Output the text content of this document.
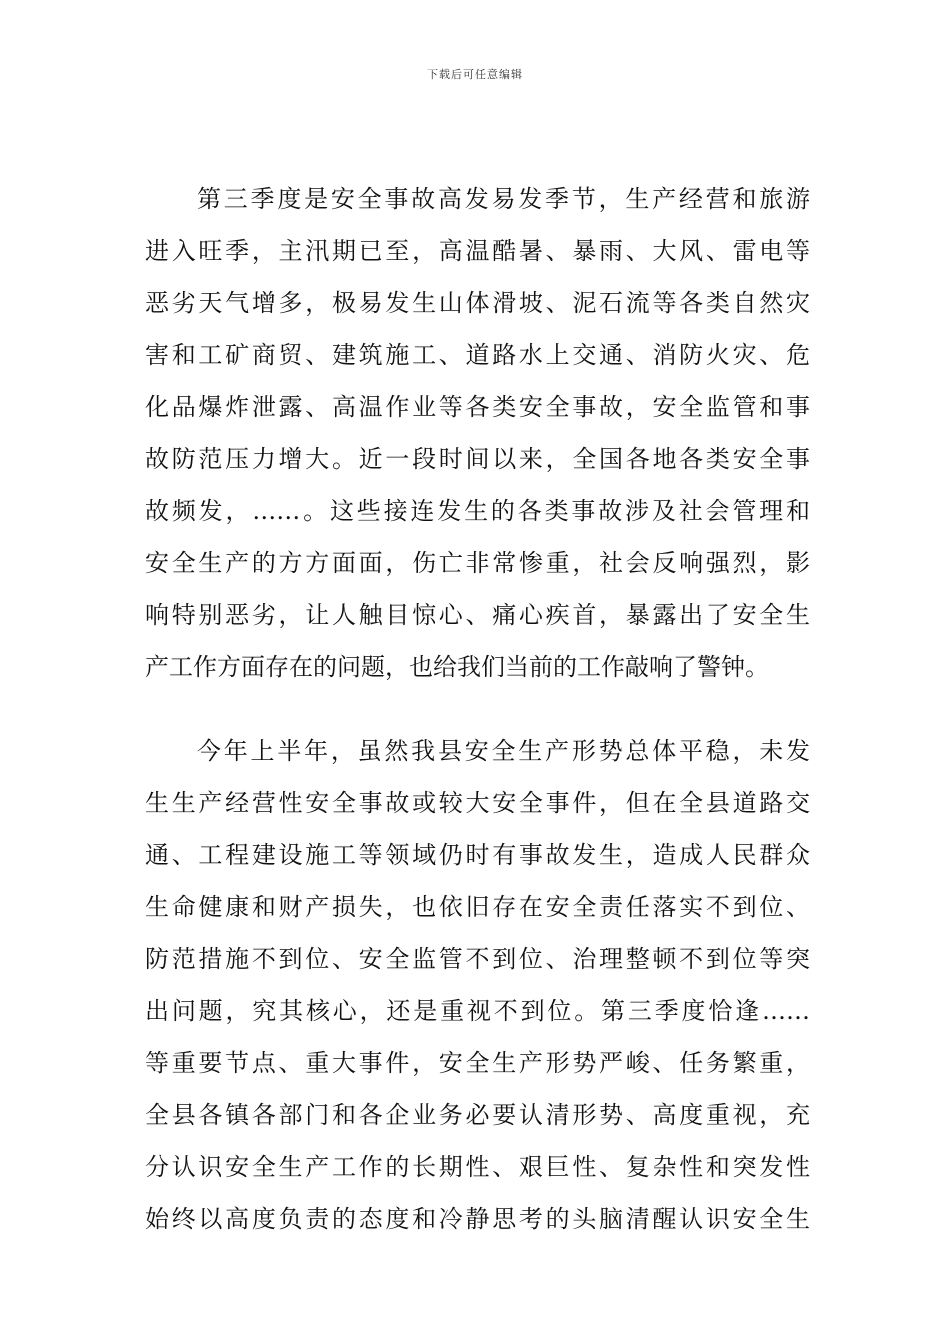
下载后可任意编辑
第三季度是安全事故高发易发季节，生产经营和旅游
进入旺季，主汛期已至，高温酷暑、暴雨、大风、雷电等
恶劣天气增多，极易发生山体滑坡、泥石流等各类自然灾
害和工矿商贸、建筑施工、道路水上交通、消防火灾、危
化品爆炸泄露、高温作业等各类安全事故，安全监管和事
故防范压力增大。近一段时间以来，全国各地各类安全事
故频发，……。这些接连发生的各类事故涉及社会管理和
安全生产的方方面面，伤亡非常惨重，社会反响强烈，影
响特别恶劣，让人触目惊心、痛心疾首，暴露出了安全生
产工作方面存在的问题，也给我们当前的工作敲响了警钟。
今年上半年，虽然我县安全生产形势总体平稳，未发
生生产经营性安全事故或较大安全事件，但在全县道路交
通、工程建设施工等领域仍时有事故发生，造成人民群众
生命健康和财产损失，也依旧存在安全责任落实不到位、
防范措施不到位、安全监管不到位、治理整顿不到位等突
出问题，究其核心，还是重视不到位。第三季度恰逢……
等重要节点、重大事件，安全生产形势严峻、任务繁重，
全县各镇各部门和各企业务必要认清形势、高度重视，充
分认识安全生产工作的长期性、艰巨性、复杂性和突发性
始终以高度负责的态度和冷静思考的头脑清醒认识安全生
